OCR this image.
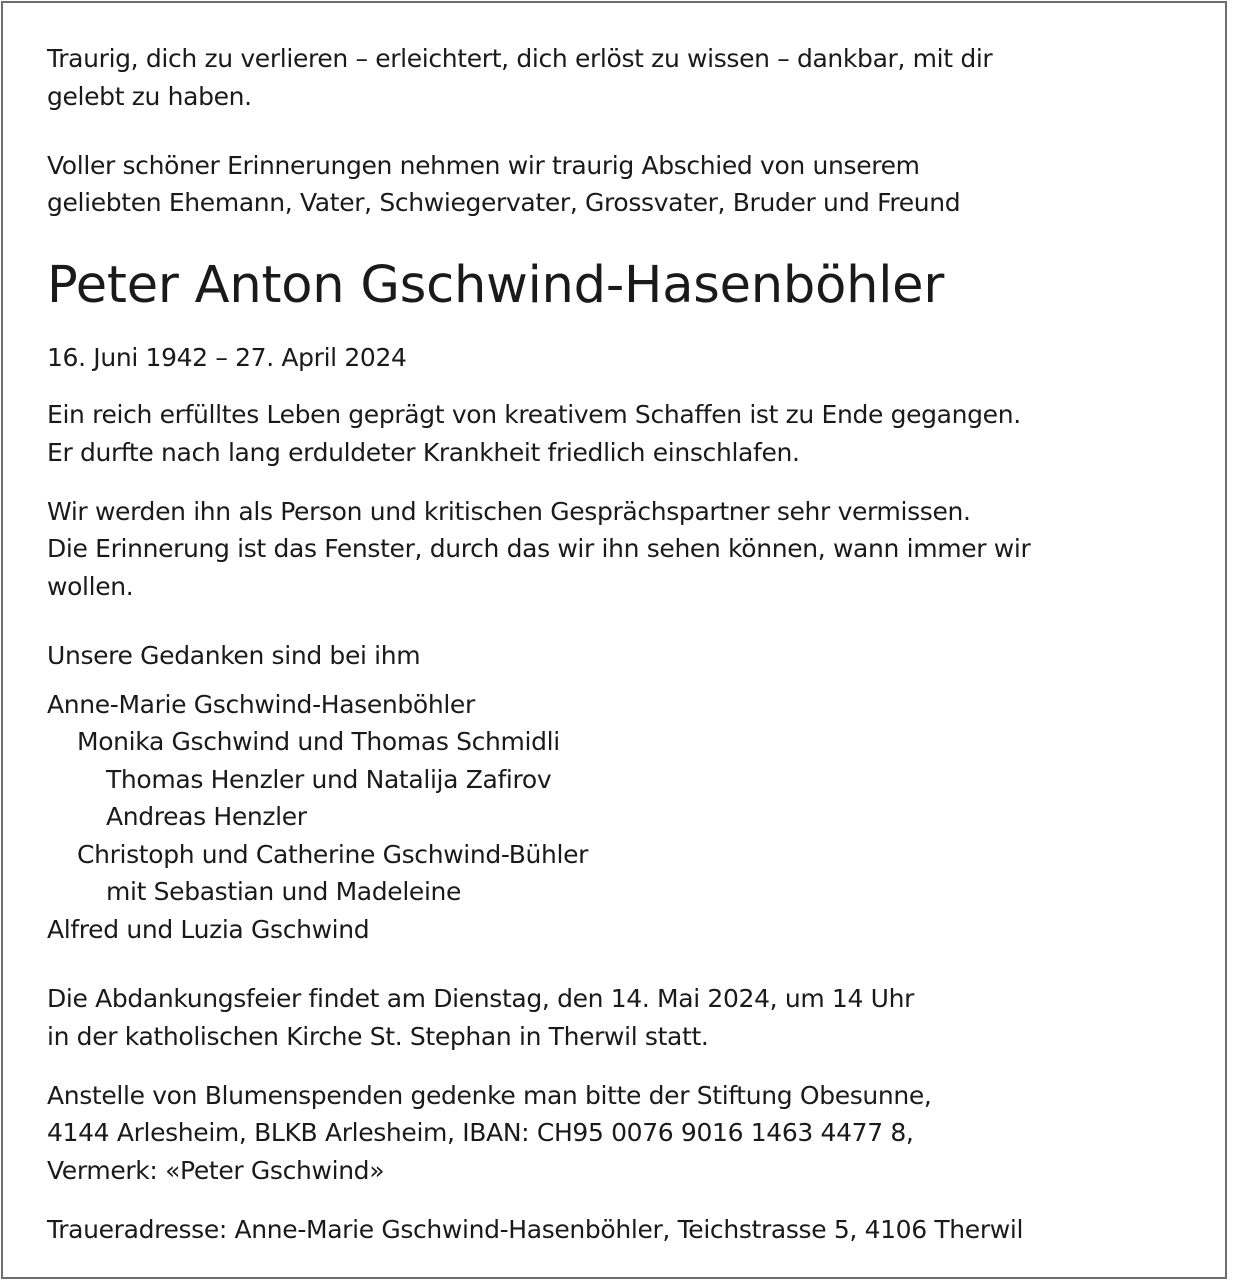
Traurig, dich zu verlieren – erleichtert, dich erlöst zu wissen – dankbar, mit dir
gelebt zu haben.
Voller schöner Erinnerungen nehmen wir traurig Abschied von unserem
geliebten Ehemann, Vater, Schwiegervater, Grossvater, Bruder und Freund
Peter Anton Gschwind-Hasenböhler
16. Juni 1942 – 27. April 2024
Ein reich erfülltes Leben geprägt von kreativem Schaffen ist zu Ende gegangen.
Er durfte nach lang erduldeter Krankheit friedlich einschlafen.
Wir werden ihn als Person und kritischen Gesprächspartner sehr vermissen.
Die Erinnerung ist das Fenster, durch das wir ihn sehen können, wann immer wir
wollen.
Unsere Gedanken sind bei ihm
Anne-Marie Gschwind-Hasenböhler
Monika Gschwind und Thomas Schmidli
Thomas Henzler und Natalija Zafirov
Andreas Henzler
Christoph und Catherine Gschwind-Bühler
mit Sebastian und Madeleine
Alfred und Luzia Gschwind
Die Abdankungsfeier findet am Dienstag, den 14. Mai 2024, um 14 Uhr
in der katholischen Kirche St. Stephan in Therwil statt.
Anstelle von Blumenspenden gedenke man bitte der Stiftung Obesunne,
4144 Arlesheim, BLKB Arlesheim, IBAN: CH95 0076 9016 1463 4477 8,
Vermerk: «Peter Gschwind»
Traueradresse: Anne-Marie Gschwind-Hasenböhler, Teichstrasse 5, 4106 Therwil
